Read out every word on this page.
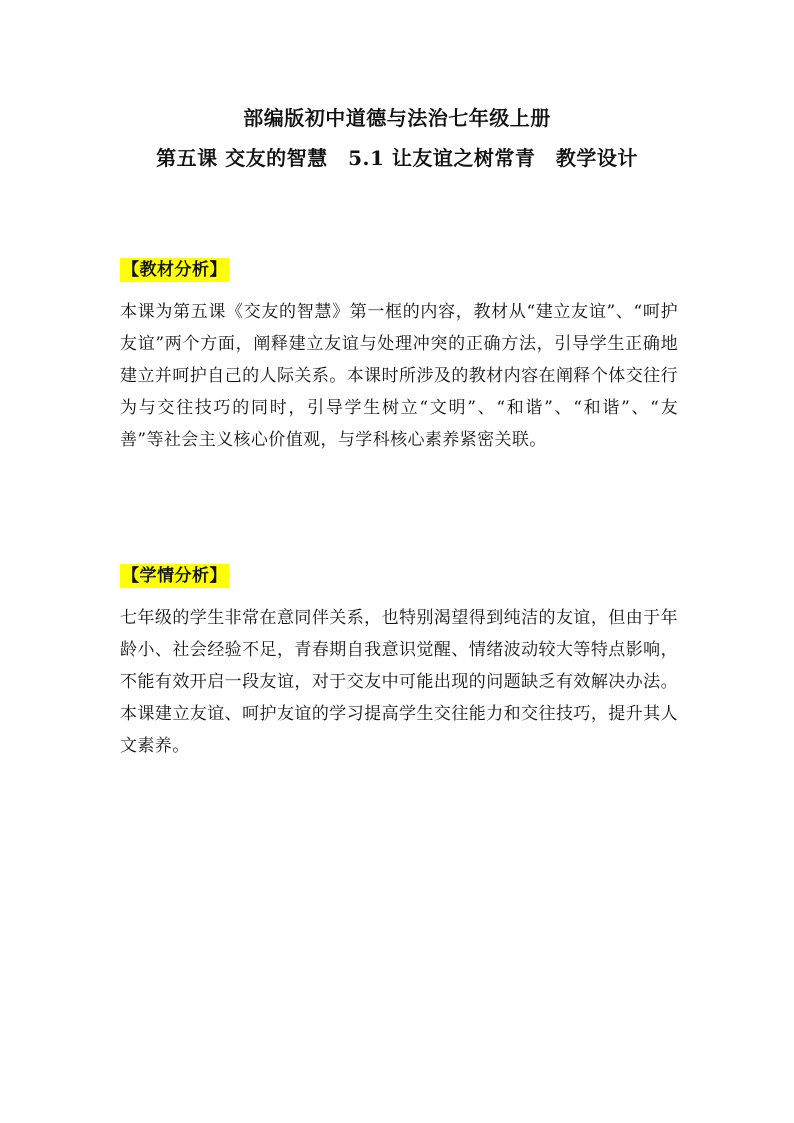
部编版初中道德与法治七年级上册
第五课 交友的智慧　5.1 让友谊之树常青　教学设计
【教材分析】

本课为第五课《交友的智慧》第一框的内容，教材从“建立友谊”、“呵护友谊”两个方面，阐释建立友谊与处理冲突的正确方法，引导学生正确地建立并呵护自己的人际关系。本课时所涉及的教材内容在阐释个体交往行为与交往技巧的同时，引导学生树立“文明”、“和谐”、“和谐”、“友善”等社会主义核心价值观，与学科核心素养紧密关联。

【学情分析】

七年级的学生非常在意同伴关系，也特别渴望得到纯洁的友谊，但由于年龄小、社会经验不足，青春期自我意识觉醒、情绪波动较大等特点影响，不能有效开启一段友谊，对于交友中可能出现的问题缺乏有效解决办法。本课建立友谊、呵护友谊的学习提高学生交往能力和交往技巧，提升其人文素养。
